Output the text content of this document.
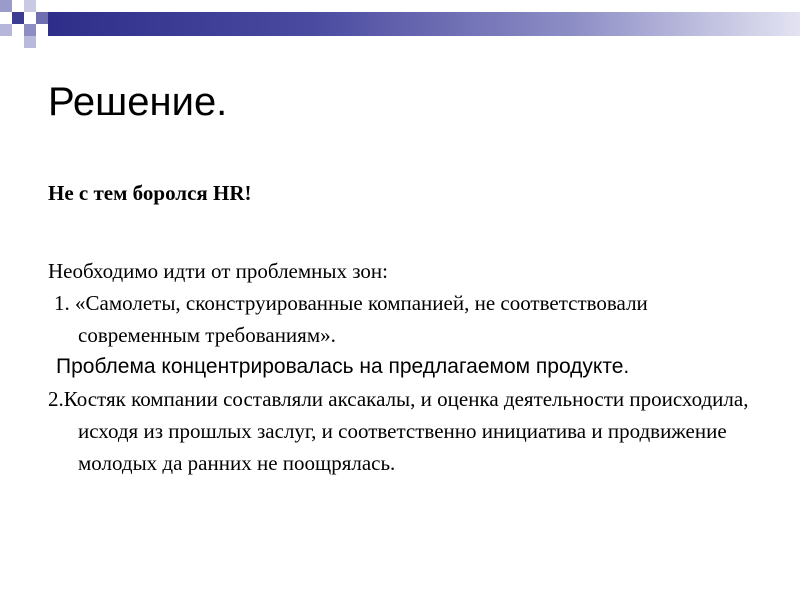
Решение.

Не с тем боролся HR!

Необходимо идти от проблемных зон:

1. «Самолеты, сконструированные компанией, не соответствовали современным требованиям».

Проблема концентрировалась на предлагаемом продукте.

2.Костяк компании составляли аксакалы, и оценка деятельности происходила, исходя из прошлых заслуг, и соответственно инициатива и продвижение молодых да ранних не поощрялась.
